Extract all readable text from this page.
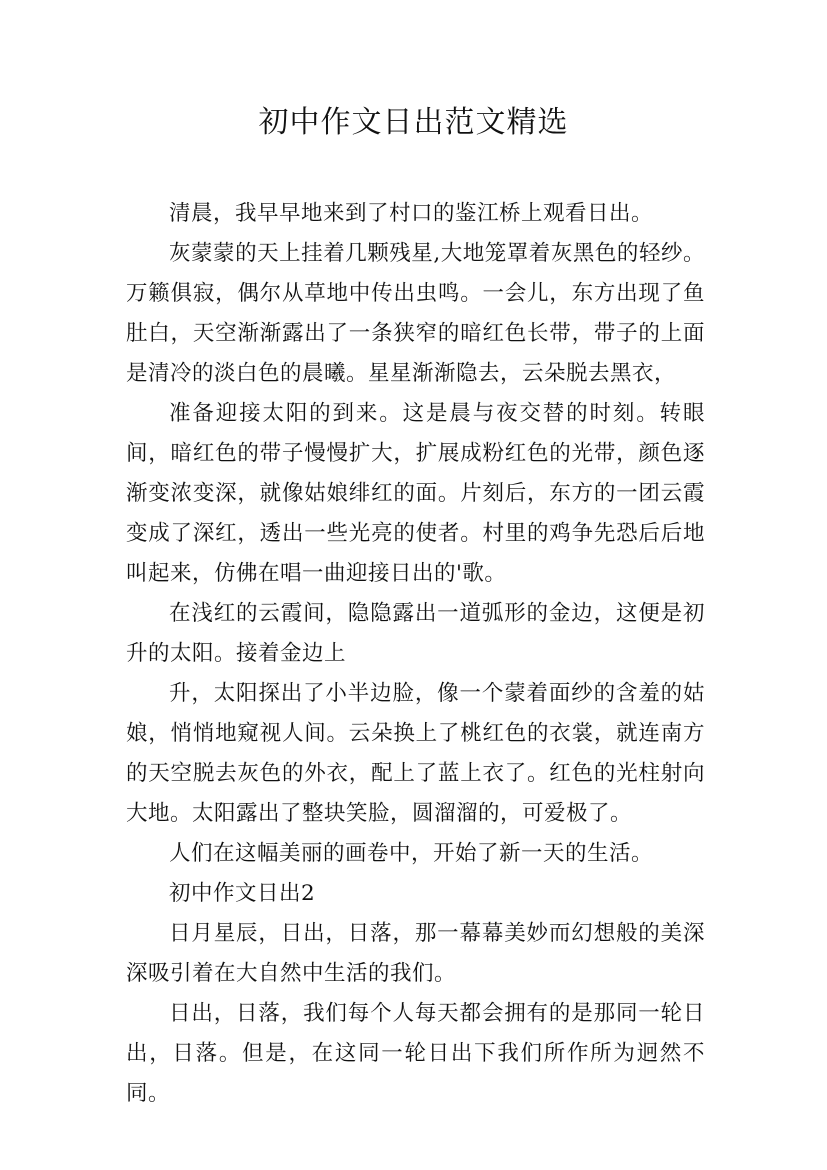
初中作文日出范文精选

清晨，我早早地来到了村口的鉴江桥上观看日出。

灰蒙蒙的天上挂着几颗残星,大地笼罩着灰黑色的轻纱。万籁俱寂，偶尔从草地中传出虫鸣。一会儿，东方出现了鱼肚白，天空渐渐露出了一条狭窄的暗红色长带，带子的上面是清冷的淡白色的晨曦。星星渐渐隐去，云朵脱去黑衣，

准备迎接太阳的到来。这是晨与夜交替的时刻。转眼间，暗红色的带子慢慢扩大，扩展成粉红色的光带，颜色逐渐变浓变深，就像姑娘绯红的面。片刻后，东方的一团云霞变成了深红，透出一些光亮的使者。村里的鸡争先恐后后地叫起来，仿佛在唱一曲迎接日出的'歌。

在浅红的云霞间，隐隐露出一道弧形的金边，这便是初升的太阳。接着金边上

升，太阳探出了小半边脸，像一个蒙着面纱的含羞的姑娘，悄悄地窥视人间。云朵换上了桃红色的衣裳，就连南方的天空脱去灰色的外衣，配上了蓝上衣了。红色的光柱射向大地。太阳露出了整块笑脸，圆溜溜的，可爱极了。

人们在这幅美丽的画卷中，开始了新一天的生活。

初中作文日出2

日月星辰，日出，日落，那一幕幕美妙而幻想般的美深深吸引着在大自然中生活的我们。

日出，日落，我们每个人每天都会拥有的是那同一轮日出，日落。但是，在这同一轮日出下我们所作所为迥然不同。
